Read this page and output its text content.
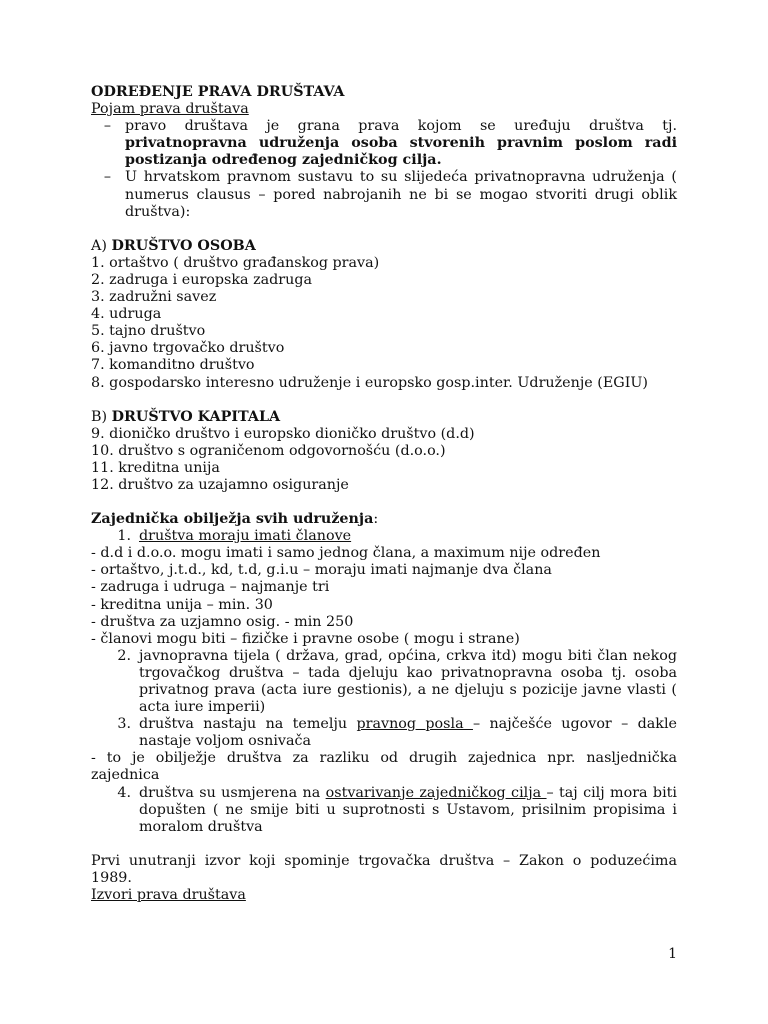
ODREĐENJE PRAVA DRUŠTAVA
Pojam prava društava
– pravo društava je grana prava kojom se uređuju društva tj. privatnopravna udruženja osoba stvorenih pravnim poslom radi postizanja određenog zajedničkog cilja.
– U hrvatskom pravnom sustavu to su slijedeća privatnopravna udruženja ( numerus clausus – pored nabrojanih ne bi se mogao stvoriti drugi oblik društva):
A) DRUŠTVO OSOBA
1. ortaštvo ( društvo građanskog prava)
2. zadruga i europska zadruga
3. zadružni savez
4. udruga
5. tajno društvo
6. javno trgovačko društvo
7. komanditno društvo
8. gospodarsko interesno udruženje i europsko gosp.inter. Udruženje (EGIU)
B) DRUŠTVO KAPITALA
9. dioničko društvo i europsko dioničko društvo (d.d)
10. društvo s ograničenom odgovornošću (d.o.o.)
11. kreditna unija
12. društvo za uzajamno osiguranje
Zajednička obilježja svih udruženja:
1. društva moraju imati članove
- d.d i d.o.o. mogu imati i samo jednog člana, a maximum nije određen
- ortaštvo, j.t.d., kd, t.d, g.i.u – moraju imati najmanje dva člana
- zadruga i udruga – najmanje tri
- kreditna unija – min. 30
- društva za uzjamno osig. - min 250
- članovi mogu biti – fizičke i pravne osobe ( mogu i strane)
2. javnopravna tijela ( država, grad, općina, crkva itd) mogu biti član nekog trgovačkog društva – tada djeluju kao privatnopravna osoba tj. osoba privatnog prava (acta iure gestionis), a ne djeluju s pozicije javne vlasti ( acta iure imperii)
3. društva nastaju na temelju pravnog posla – najčešće ugovor – dakle nastaje voljom osnivača
- to je obilježje društva za razliku od drugih zajednica npr. nasljednička zajednica
4. društva su usmjerena na ostvarivanje zajedničkog cilja – taj cilj mora biti dopušten ( ne smije biti u suprotnosti s Ustavom, prisilnim propisima i moralom društva
Prvi unutranji izvor koji spominje trgovačka društva – Zakon o poduzećima 1989.
Izvori prava društava
1
